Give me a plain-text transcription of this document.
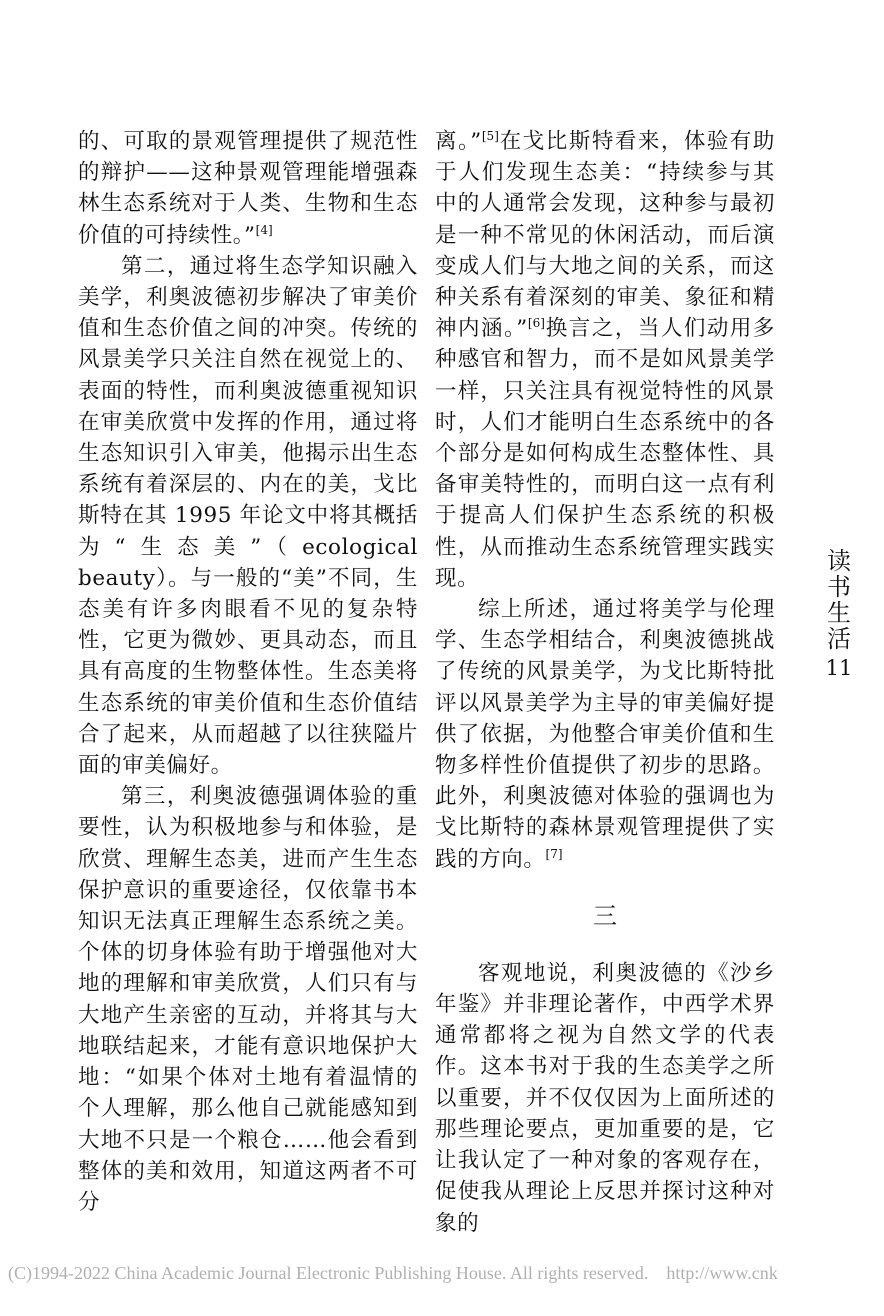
的、可取的景观管理提供了规范性的辩护——这种景观管理能增强森林生态系统对于人类、生物和生态价值的可持续性。”[4]

第二，通过将生态学知识融入美学，利奥波德初步解决了审美价值和生态价值之间的冲突。传统的风景美学只关注自然在视觉上的、表面的特性，而利奥波德重视知识在审美欣赏中发挥的作用，通过将生态知识引入审美，他揭示出生态系统有着深层的、内在的美，戈比斯特在其 1995 年论文中将其概括为“生态美”（ecological beauty）。与一般的“美”不同，生态美有许多肉眼看不见的复杂特性，它更为微妙、更具动态，而且具有高度的生物整体性。生态美将生态系统的审美价值和生态价值结合了起来，从而超越了以往狭隘片面的审美偏好。

第三，利奥波德强调体验的重要性，认为积极地参与和体验，是欣赏、理解生态美，进而产生生态保护意识的重要途径，仅依靠书本知识无法真正理解生态系统之美。个体的切身体验有助于增强他对大地的理解和审美欣赏，人们只有与大地产生亲密的互动，并将其与大地联结起来，才能有意识地保护大地：“如果个体对土地有着温情的个人理解，那么他自己就能感知到大地不只是一个粮仓……他会看到整体的美和效用，知道这两者不可分

离。”[5]在戈比斯特看来，体验有助于人们发现生态美：“持续参与其中的人通常会发现，这种参与最初是一种不常见的休闲活动，而后演变成人们与大地之间的关系，而这种关系有着深刻的审美、象征和精神内涵。”[6]换言之，当人们动用多种感官和智力，而不是如风景美学一样，只关注具有视觉特性的风景时，人们才能明白生态系统中的各个部分是如何构成生态整体性、具备审美特性的，而明白这一点有利于提高人们保护生态系统的积极性，从而推动生态系统管理实践实现。

综上所述，通过将美学与伦理学、生态学相结合，利奥波德挑战了传统的风景美学，为戈比斯特批评以风景美学为主导的审美偏好提供了依据，为他整合审美价值和生物多样性价值提供了初步的思路。此外，利奥波德对体验的强调也为戈比斯特的森林景观管理提供了实践的方向。[7]

三

客观地说，利奥波德的《沙乡年鉴》并非理论著作，中西学术界通常都将之视为自然文学的代表作。这本书对于我的生态美学之所以重要，并不仅仅因为上面所述的那些理论要点，更加重要的是，它让我认定了一种对象的客观存在，促使我从理论上反思并探讨这种对象的

读
书
生
活
11
(C)1994-2022 China Academic Journal Electronic Publishing House. All rights reserved. http://www.cnk
